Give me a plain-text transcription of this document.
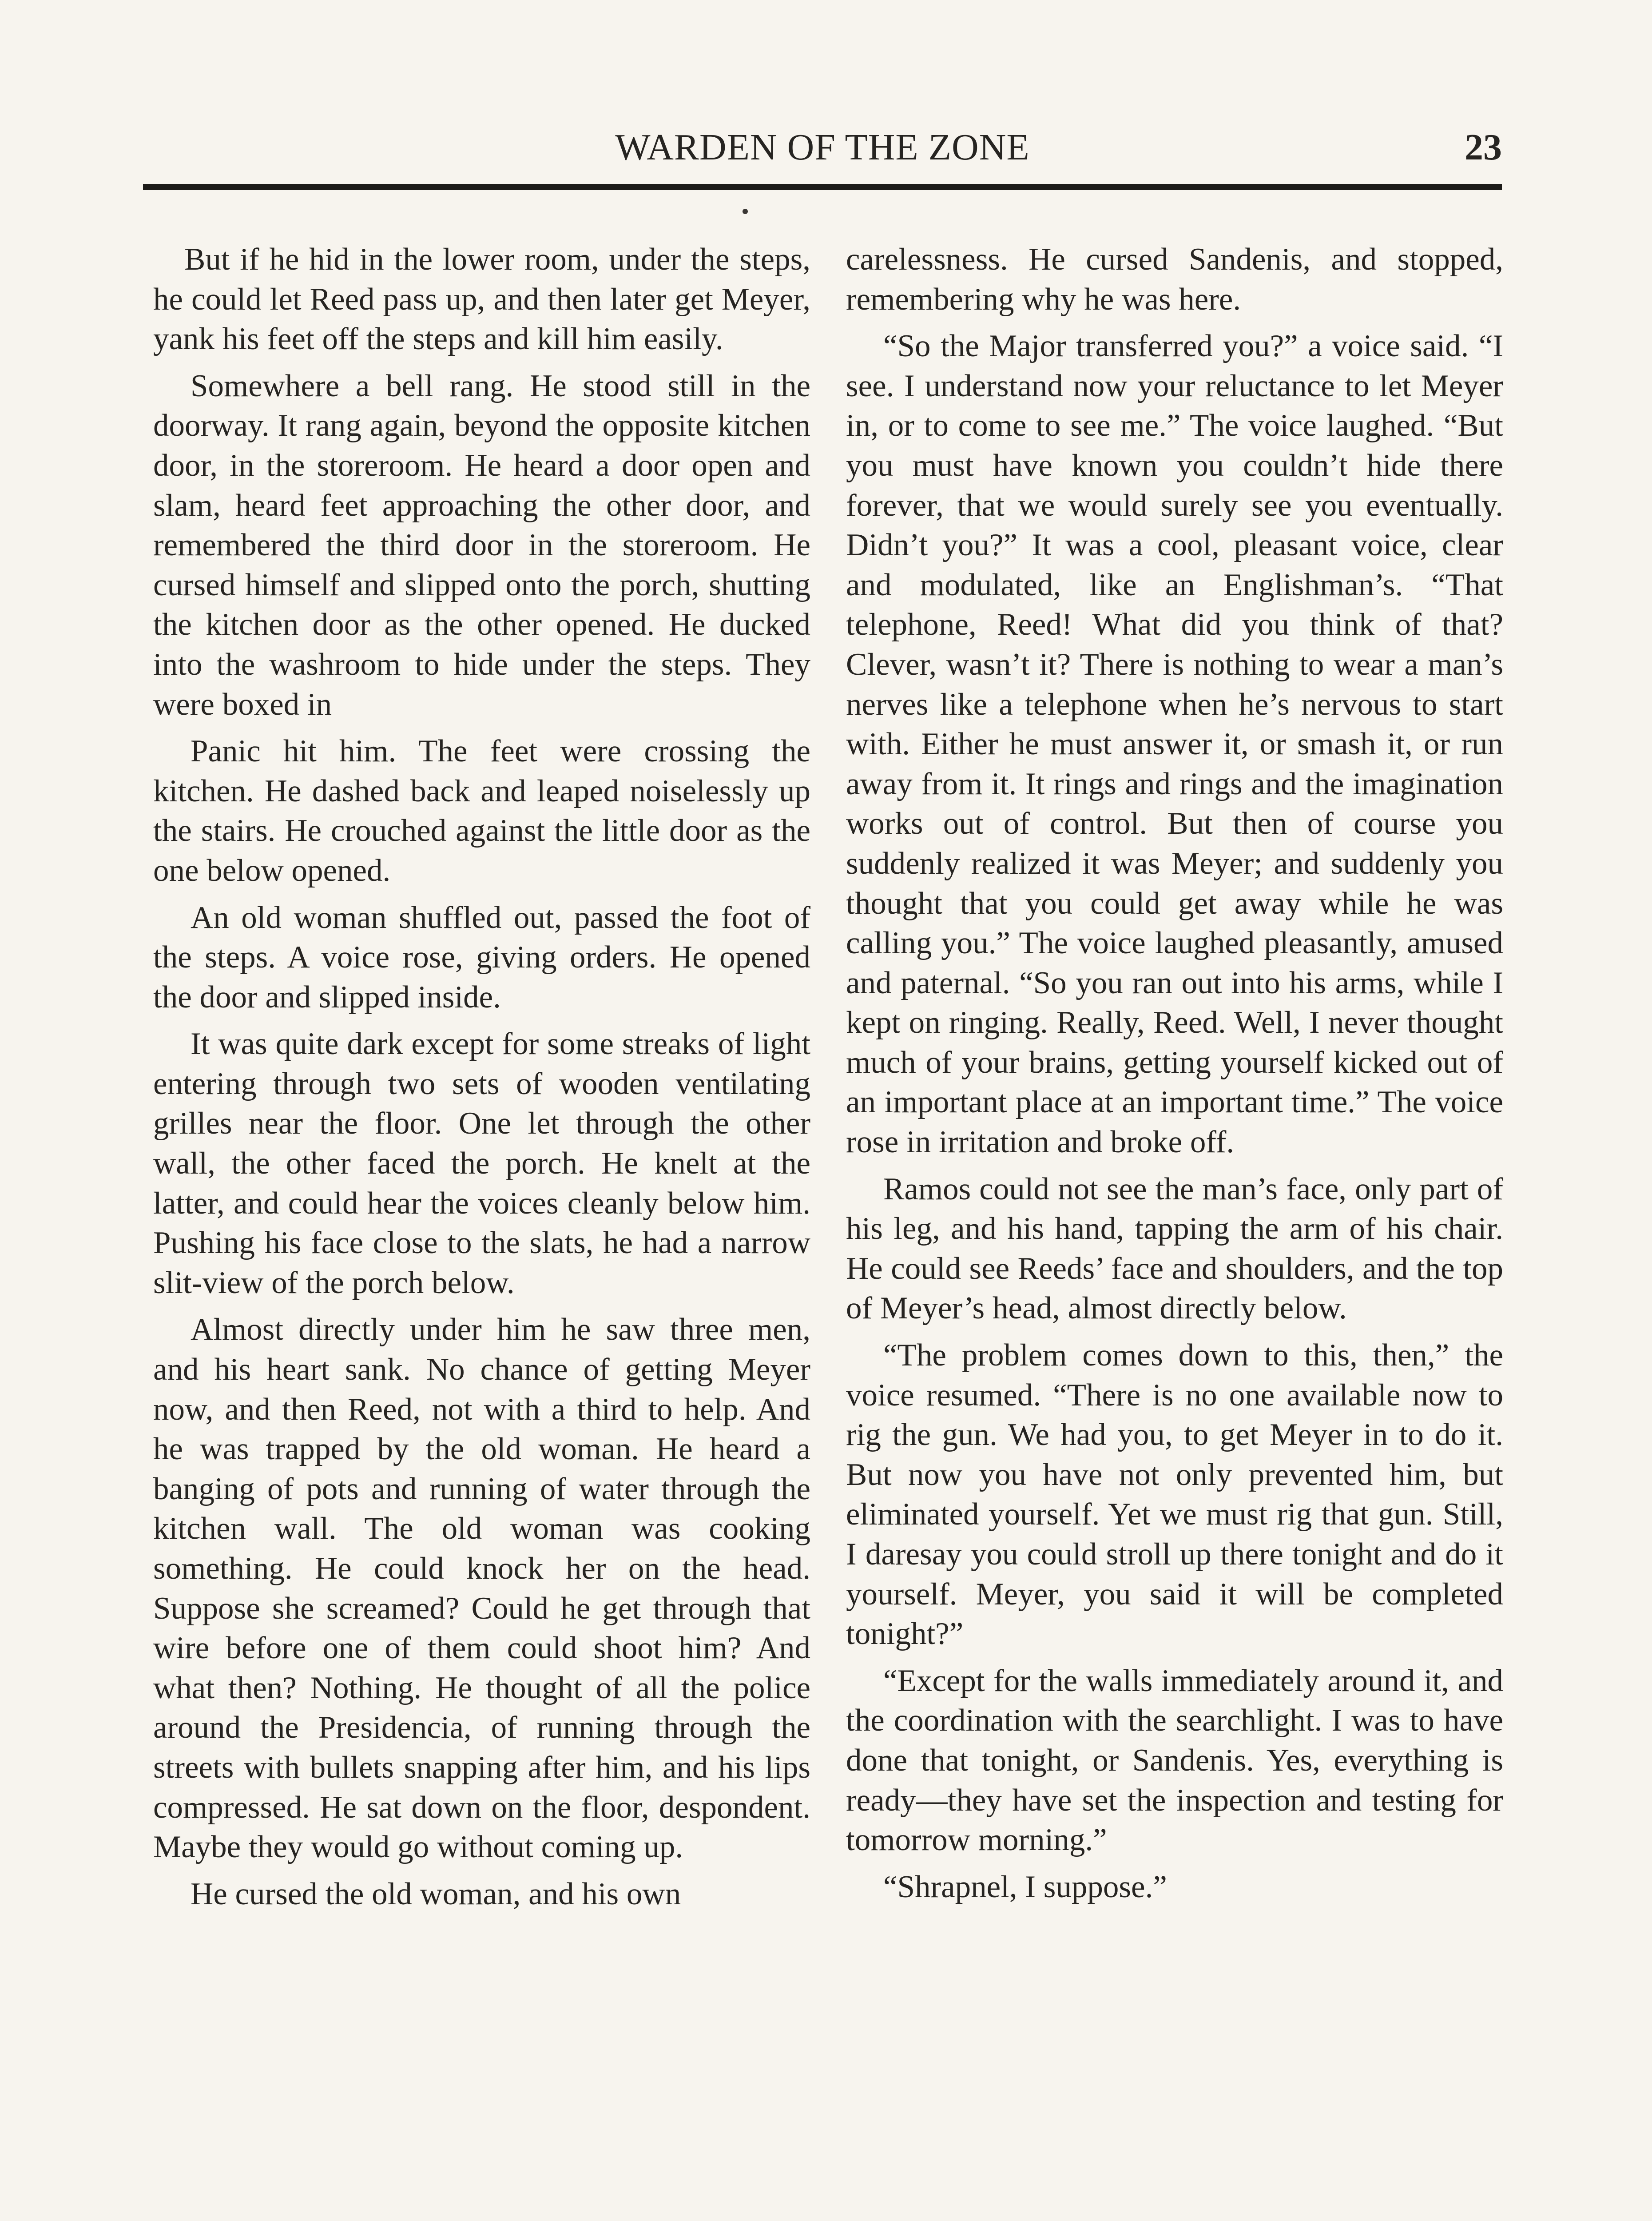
WARDEN OF THE ZONE	23

But if he hid in the lower room, under the steps, he could let Reed pass up, and then later get Meyer, yank his feet off the steps and kill him easily.

Somewhere a bell rang. He stood still in the doorway. It rang again, beyond the opposite kitchen door, in the storeroom. He heard a door open and slam, heard feet approaching the other door, and remembered the third door in the storeroom. He cursed himself and slipped onto the porch, shutting the kitchen door as the other opened. He ducked into the washroom to hide under the steps. They were boxed in

Panic hit him. The feet were crossing the kitchen. He dashed back and leaped noiselessly up the stairs. He crouched against the little door as the one below opened.

An old woman shuffled out, passed the foot of the steps. A voice rose, giving orders. He opened the door and slipped inside.

It was quite dark except for some streaks of light entering through two sets of wooden ventilating grilles near the floor. One let through the other wall, the other faced the porch. He knelt at the latter, and could hear the voices cleanly below him. Pushing his face close to the slats, he had a narrow slit-view of the porch below.

Almost directly under him he saw three men, and his heart sank. No chance of getting Meyer now, and then Reed, not with a third to help. And he was trapped by the old woman. He heard a banging of pots and running of water through the kitchen wall. The old woman was cooking something. He could knock her on the head. Suppose she screamed? Could he get through that wire before one of them could shoot him? And what then? Nothing. He thought of all the police around the Presidencia, of running through the streets with bullets snapping after him, and his lips compressed. He sat down on the floor, despondent. Maybe they would go without coming up.

He cursed the old woman, and his own

carelessness. He cursed Sandenis, and stopped, remembering why he was here.

“So the Major transferred you?” a voice said. “I see. I understand now your reluctance to let Meyer in, or to come to see me.” The voice laughed. “But you must have known you couldn’t hide there forever, that we would surely see you eventually. Didn’t you?” It was a cool, pleasant voice, clear and modulated, like an Englishman’s. “That telephone, Reed! What did you think of that? Clever, wasn’t it? There is nothing to wear a man’s nerves like a telephone when he’s nervous to start with. Either he must answer it, or smash it, or run away from it. It rings and rings and the imagination works out of control. But then of course you suddenly realized it was Meyer; and suddenly you thought that you could get away while he was calling you.” The voice laughed pleasantly, amused and paternal. “So you ran out into his arms, while I kept on ringing. Really, Reed. Well, I never thought much of your brains, getting yourself kicked out of an important place at an important time.” The voice rose in irritation and broke off.

Ramos could not see the man’s face, only part of his leg, and his hand, tapping the arm of his chair. He could see Reeds’ face and shoulders, and the top of Meyer’s head, almost directly below.

“The problem comes down to this, then,” the voice resumed. “There is no one available now to rig the gun. We had you, to get Meyer in to do it. But now you have not only prevented him, but eliminated yourself. Yet we must rig that gun. Still, I daresay you could stroll up there tonight and do it yourself. Meyer, you said it will be completed tonight?”

“Except for the walls immediately around it, and the coordination with the searchlight. I was to have done that tonight, or Sandenis. Yes, everything is ready—they have set the inspection and testing for tomorrow morning.”

“Shrapnel, I suppose.”
